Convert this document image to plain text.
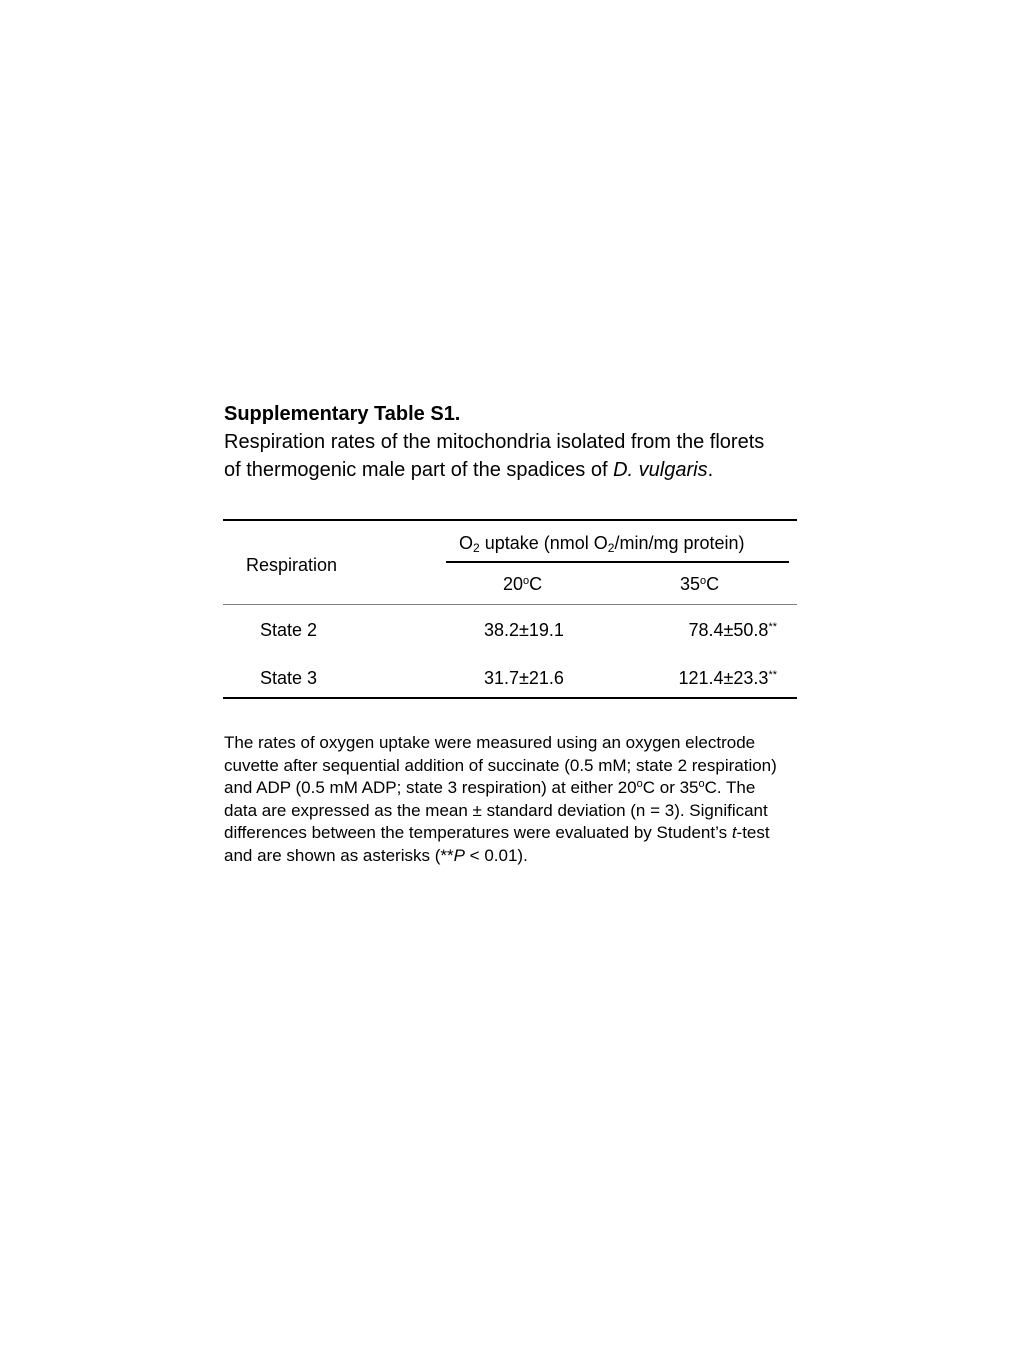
Supplementary Table S1.
Respiration rates of the mitochondria isolated from the florets
of thermogenic male part of the spadices of D. vulgaris.
Respiration
$O_2$ uptake (nmol $O_2/\min/mg$ protein)
20$^o$C	35$^o$C
State 2	38.2±19.1	78.4±50.8**
State 3	31.7±21.6	121.4±23.3**
The rates of oxygen uptake were measured using an oxygen electrode
cuvette after sequential addition of succinate (0.5 mM; state 2 respiration)
and ADP (0.5 mM ADP; state 3 respiration) at either 20$^o$C or 35$^o$C. The
data are expressed as the mean ± standard deviation (n = 3). Significant
differences between the temperatures were evaluated by Student’s t-test
and are shown as asterisks (**P < 0.01).
